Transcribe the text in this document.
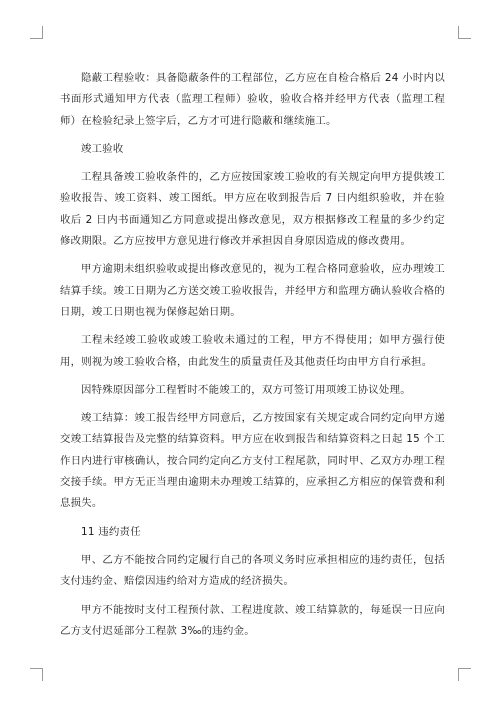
隐蔽工程验收：具备隐蔽条件的工程部位，乙方应在自检合格后 24 小时内以书面形式通知甲方代表（监理工程师）验收，验收合格并经甲方代表（监理工程师）在检验纪录上签字后，乙方才可进行隐蔽和继续施工。

竣工验收

工程具备竣工验收条件的，乙方应按国家竣工验收的有关规定向甲方提供竣工验收报告、竣工资料、竣工图纸。甲方应在收到报告后 7 日内组织验收，并在验收后 2 日内书面通知乙方同意或提出修改意见，双方根据修改工程量的多少约定修改期限。乙方应按甲方意见进行修改并承担因自身原因造成的修改费用。

甲方逾期未组织验收或提出修改意见的，视为工程合格同意验收，应办理竣工结算手续。竣工日期为乙方送交竣工验收报告，并经甲方和监理方确认验收合格的日期，竣工日期也视为保修起始日期。

工程未经竣工验收或竣工验收未通过的工程，甲方不得使用；如甲方强行使用，则视为竣工验收合格，由此发生的质量责任及其他责任均由甲方自行承担。

因特殊原因部分工程暂时不能竣工的，双方可签订用项竣工协议处理。

竣工结算：竣工报告经甲方同意后，乙方按国家有关规定或合同约定向甲方递交竣工结算报告及完整的结算资料。甲方应在收到报告和结算资料之日起 15 个工作日内进行审核确认，按合同约定向乙方支付工程尾款，同时甲、乙双方办理工程交接手续。甲方无正当理由逾期未办理竣工结算的，应承担乙方相应的保管费和利息损失。

11 违约责任

甲、乙方不能按合同约定履行自己的各项义务时应承担相应的违约责任，包括支付违约金、赔偿因违约给对方造成的经济损失。

甲方不能按时支付工程预付款、工程进度款、竣工结算款的，每延误一日应向乙方支付迟延部分工程款 3‰的违约金。
